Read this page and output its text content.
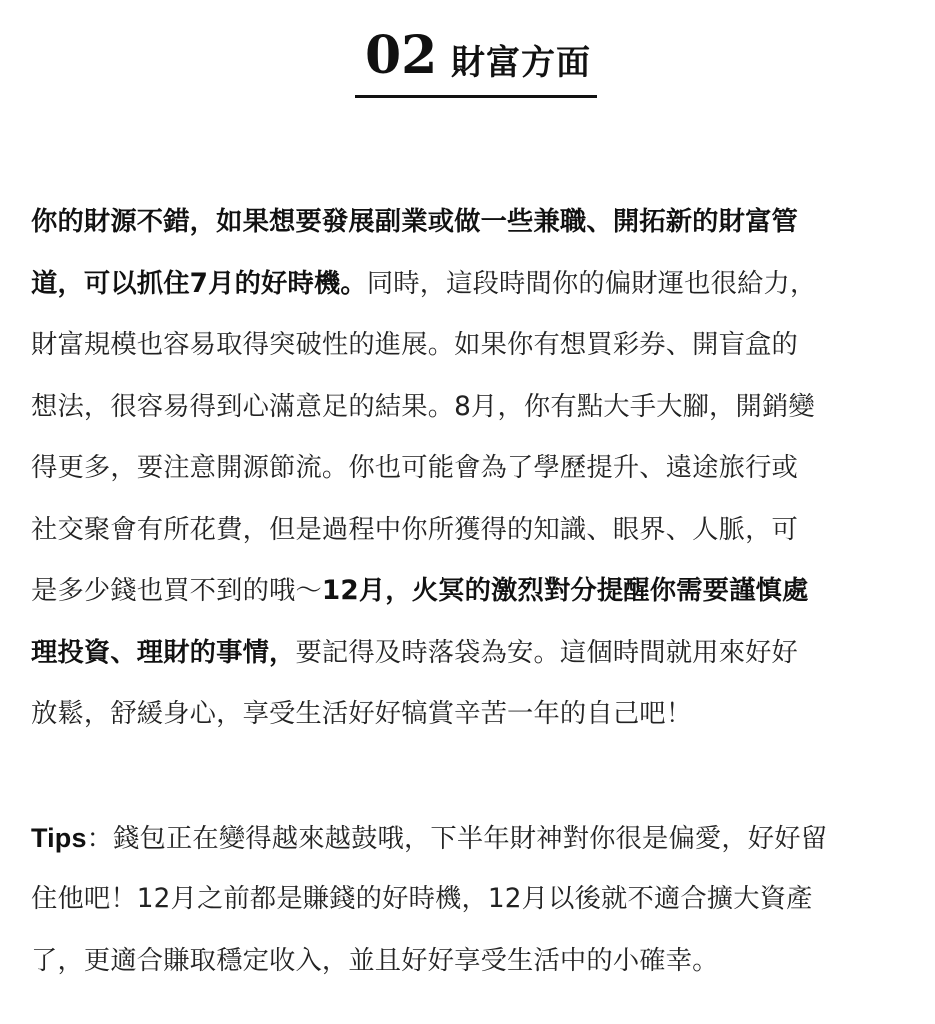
02 財富方面
你的財源不錯，如果想要發展副業或做一些兼職、開拓新的財富管
道，可以抓住7月的好時機。同時，這段時間你的偏財運也很給力，
財富規模也容易取得突破性的進展。如果你有想買彩券、開盲盒的
想法，很容易得到心滿意足的結果。8月，你有點大手大腳，開銷變
得更多，要注意開源節流。你也可能會為了學歷提升、遠途旅行或
社交聚會有所花費，但是過程中你所獲得的知識、眼界、人脈，可
是多少錢也買不到的哦～12月，火冥的激烈對分提醒你需要謹慎處
理投資、理財的事情，要記得及時落袋為安。這個時間就用來好好
放鬆，舒緩身心，享受生活好好犒賞辛苦一年的自己吧！
Tips：錢包正在變得越來越鼓哦，下半年財神對你很是偏愛，好好留
住他吧！12月之前都是賺錢的好時機，12月以後就不適合擴大資產
了，更適合賺取穩定收入，並且好好享受生活中的小確幸。
